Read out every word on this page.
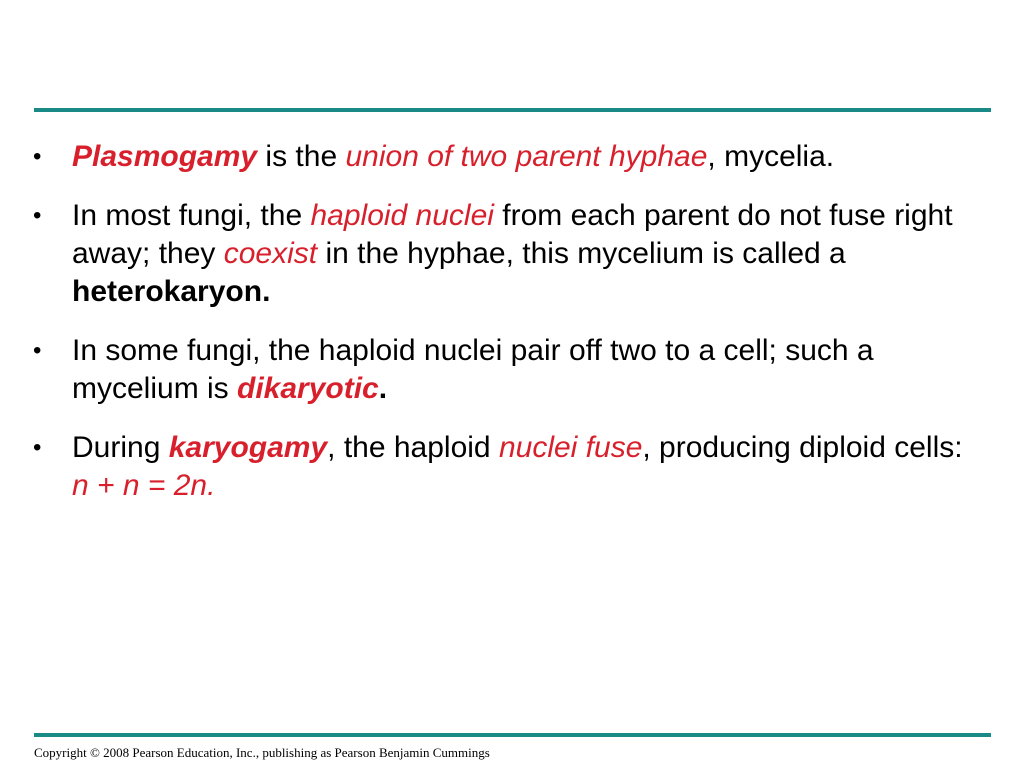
•	Plasmogamy is the union of two parent hyphae, mycelia.
•	In most fungi, the haploid nuclei from each parent do not fuse right away; they coexist in the hyphae, this mycelium is called a heterokaryon.
•	In some fungi, the haploid nuclei pair off two to a cell; such a mycelium is dikaryotic.
•	During karyogamy, the haploid nuclei fuse, producing diploid cells: n + n = 2n.
Copyright © 2008 Pearson Education, Inc., publishing as Pearson Benjamin Cummings
